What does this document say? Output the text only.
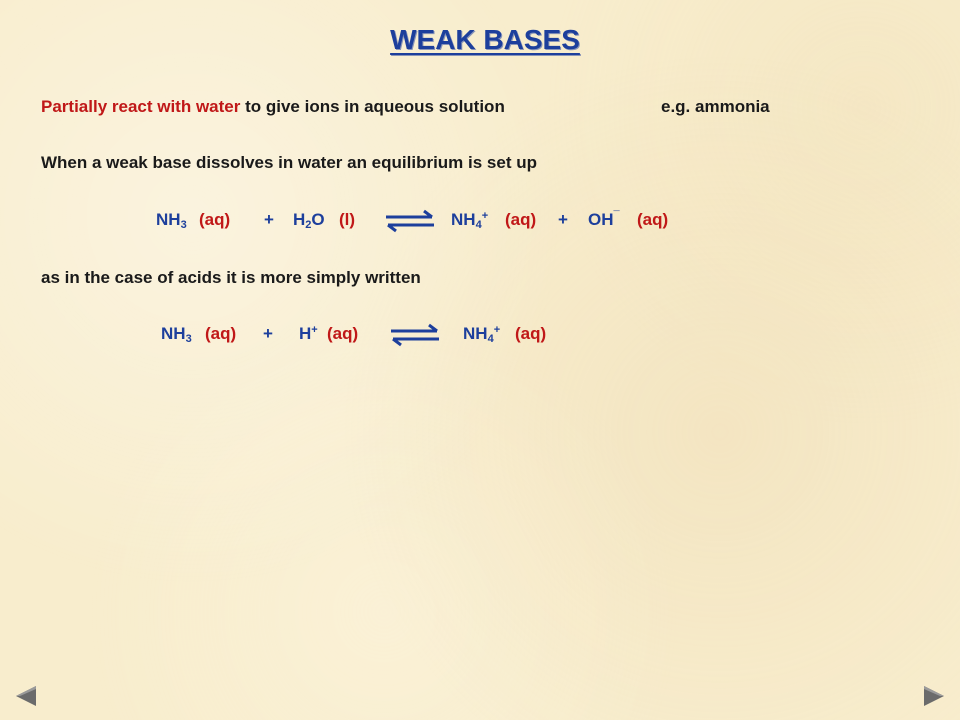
WEAK BASES
Partially react with water to give ions in aqueous solution	e.g. ammonia
When a weak base dissolves in water an equilibrium is set up
$NH_3$ $(aq) + H_2O$ (l) ⇌ $NH_4^+$ (aq) + OH¯ (aq)
as in the case of acids it is more simply written
$NH_3$ (aq) + H+ (aq) ⇌ $NH_4^+$ (aq)
